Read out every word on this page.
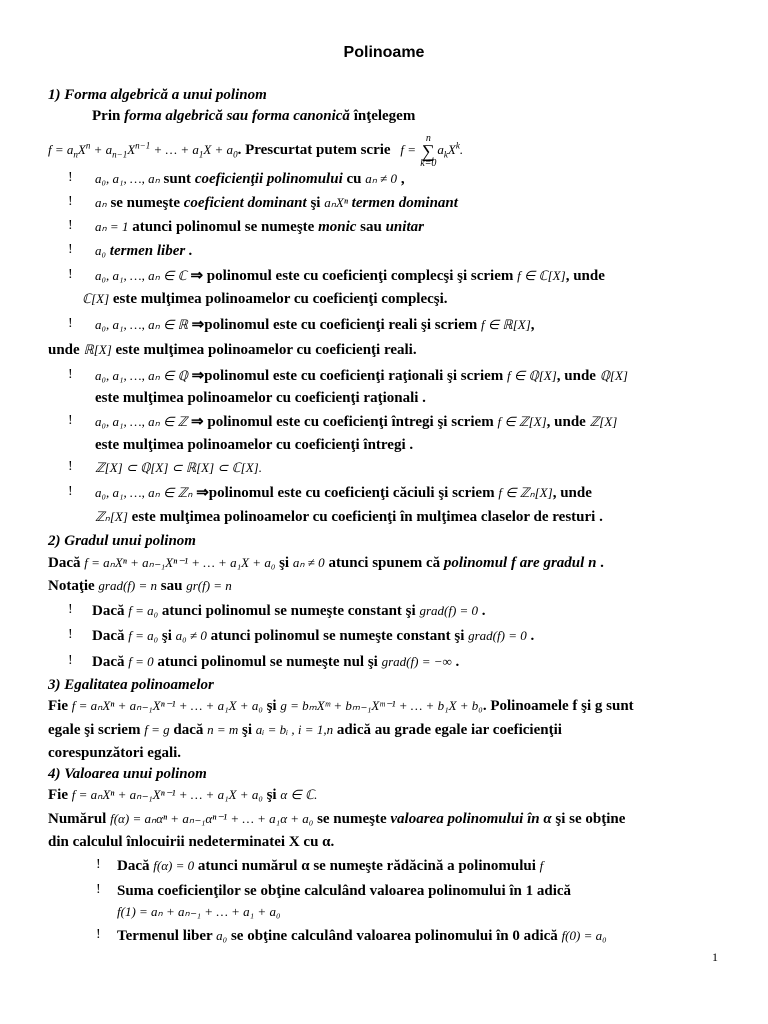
Polinoame
1) Forma algebrică a unui polinom
Prin forma algebrică sau forma canonică înţelegem
$f = a_nX^n + a_{n-1}X^{n-1}$ + … + $a_1X + a_0$. Prescurtat putem scrie f =
n
∑
k=0
$a_kX^k$.
! a₀, a₁, …, aₙ sunt coeficienţii polinomului cu aₙ ≠ 0 ,
! aₙ se numeşte coeficient dominant şi aₙXⁿ termen dominant
! aₙ = 1 atunci polinomul se numeşte monic sau unitar
! a₀ termen liber .
! a₀, a₁, …, aₙ ∈ ℂ ⇒ polinomul este cu coeficienţi complecşi şi scriem f ∈ ℂ[X], unde
ℂ[X] este mulţimea polinoamelor cu coeficienţi complecşi.
! a₀, a₁, …, aₙ ∈ ℝ ⇒polinomul este cu coeficienţi reali şi scriem f ∈ ℝ[X],
unde ℝ[X] este mulţimea polinoamelor cu coeficienţi reali.
! a₀, a₁, …, aₙ ∈ ℚ ⇒polinomul este cu coeficienţi raţionali şi scriem f ∈ ℚ[X], unde ℚ[X]
este mulţimea polinoamelor cu coeficienţi raţionali .
! a₀, a₁, …, aₙ ∈ ℤ ⇒ polinomul este cu coeficienţi întregi şi scriem f ∈ ℤ[X], unde ℤ[X]
este mulţimea polinoamelor cu coeficienţi întregi .
! ℤ[X] ⊂ ℚ[X] ⊂ ℝ[X] ⊂ ℂ[X].
! a₀, a₁, …, aₙ ∈ ℤₙ ⇒polinomul este cu coeficienţi căciuli şi scriem f ∈ ℤₙ[X], unde
ℤₙ[X] este mulţimea polinoamelor cu coeficienţi în mulţimea claselor de resturi .
2) Gradul unui polinom
Dacă f = aₙXⁿ + aₙ₋₁Xⁿ⁻¹ + … + a₁X + a₀ şi aₙ ≠ 0 atunci spunem că polinomul f are gradul n .
Notaţie grad(f) = n sau gr(f) = n
! Dacă f = a₀ atunci polinomul se numeşte constant şi grad(f) = 0 .
! Dacă f = a₀ şi a₀ ≠ 0 atunci polinomul se numeşte constant şi grad(f) = 0 .
! Dacă f = 0 atunci polinomul se numeşte nul şi grad(f) = −∞ .
3) Egalitatea polinoamelor
Fie f = aₙXⁿ + aₙ₋₁Xⁿ⁻¹ + … + a₁X + a₀ şi g = bₘXᵐ + bₘ₋₁Xᵐ⁻¹ + … + b₁X + b₀. Polinoamele f şi g sunt
egale şi scriem f = g dacă n = m şi aᵢ = bᵢ , i = 1,n adică au grade egale iar coeficienţii
corespunzători egali.
4) Valoarea unui polinom
Fie f = aₙXⁿ + aₙ₋₁Xⁿ⁻¹ + … + a₁X + a₀ şi α ∈ ℂ.
Numărul f(α) = aₙαⁿ + aₙ₋₁αⁿ⁻¹ + … + a₁α + a₀ se numeşte valoarea polinomului în α şi se obţine
din calculul înlocuirii nedeterminatei X cu α.
! Dacă f(α) = 0 atunci numărul α se numeşte rădăcină a polinomului f
! Suma coeficienţilor se obţine calculând valoarea polinomului în 1 adică
f(1) = aₙ + aₙ₋₁ + … + a₁ + a₀
! Termenul liber a₀ se obţine calculând valoarea polinomului în 0 adică f(0) = a₀
1
